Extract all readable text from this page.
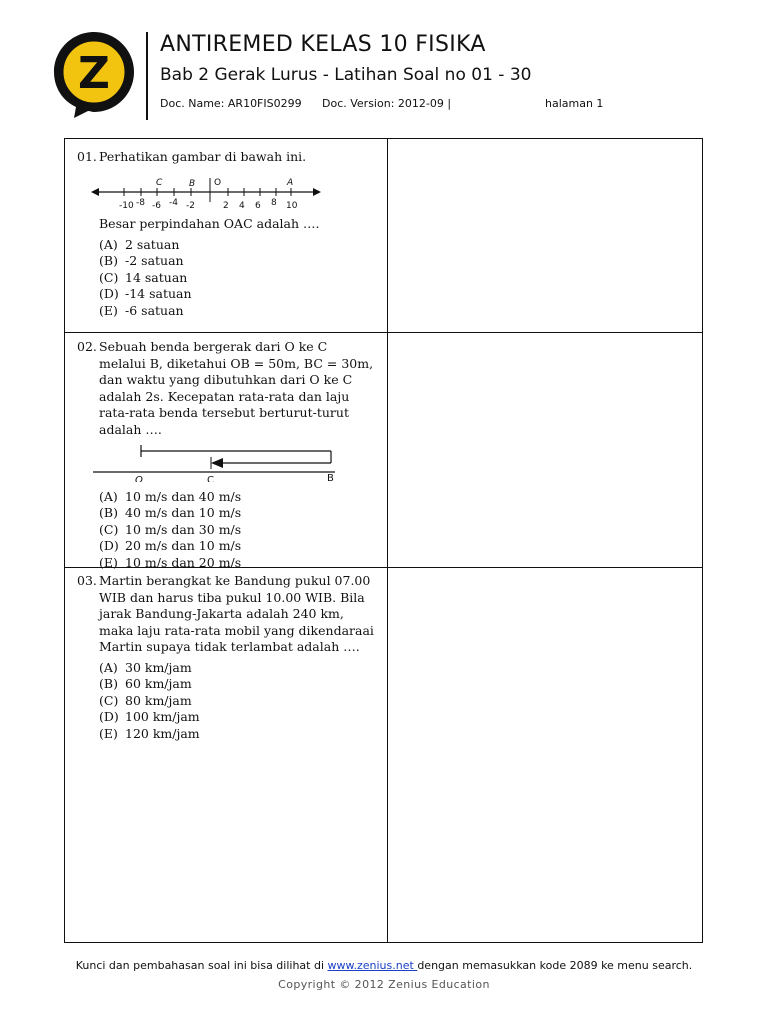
Z
ANTIREMED KELAS 10 FISIKA
Bab 2 Gerak Lurus - Latihan Soal no 01 - 30
Doc. Name: AR10FIS0299 Doc. Version: 2012-09 |	halaman 1
01. Perhatikan gambar di bawah ini.
-10 -8 -6 -4 -2	2 4 6 8 10
C	B O	A
Besar perpindahan OAC adalah ….
(A) 2 satuan
(B) -2 satuan
(C) 14 satuan
(D) -14 satuan
(E) -6 satuan
02. Sebuah benda bergerak dari O ke C melalui B, diketahui OB = 50m, BC = 30m, dan waktu yang dibutuhkan dari O ke C adalah 2s. Kecepatan rata-rata dan laju rata-rata benda tersebut berturut-turut adalah ….
O	C	B
(A) 10 m/s dan 40 m/s
(B) 40 m/s dan 10 m/s
(C) 10 m/s dan 30 m/s
(D) 20 m/s dan 10 m/s
(E) 10 m/s dan 20 m/s
03. Martin berangkat ke Bandung pukul 07.00 WIB dan harus tiba pukul 10.00 WIB. Bila jarak Bandung-Jakarta adalah 240 km, maka laju rata-rata mobil yang dikendaraai Martin supaya tidak terlambat adalah ….
(A) 30 km/jam
(B) 60 km/jam
(C) 80 km/jam
(D) 100 km/jam
(E) 120 km/jam
Kunci dan pembahasan soal ini bisa dilihat di www.zenius.net dengan memasukkan kode 2089 ke menu search.
Copyright © 2012 Zenius Education
